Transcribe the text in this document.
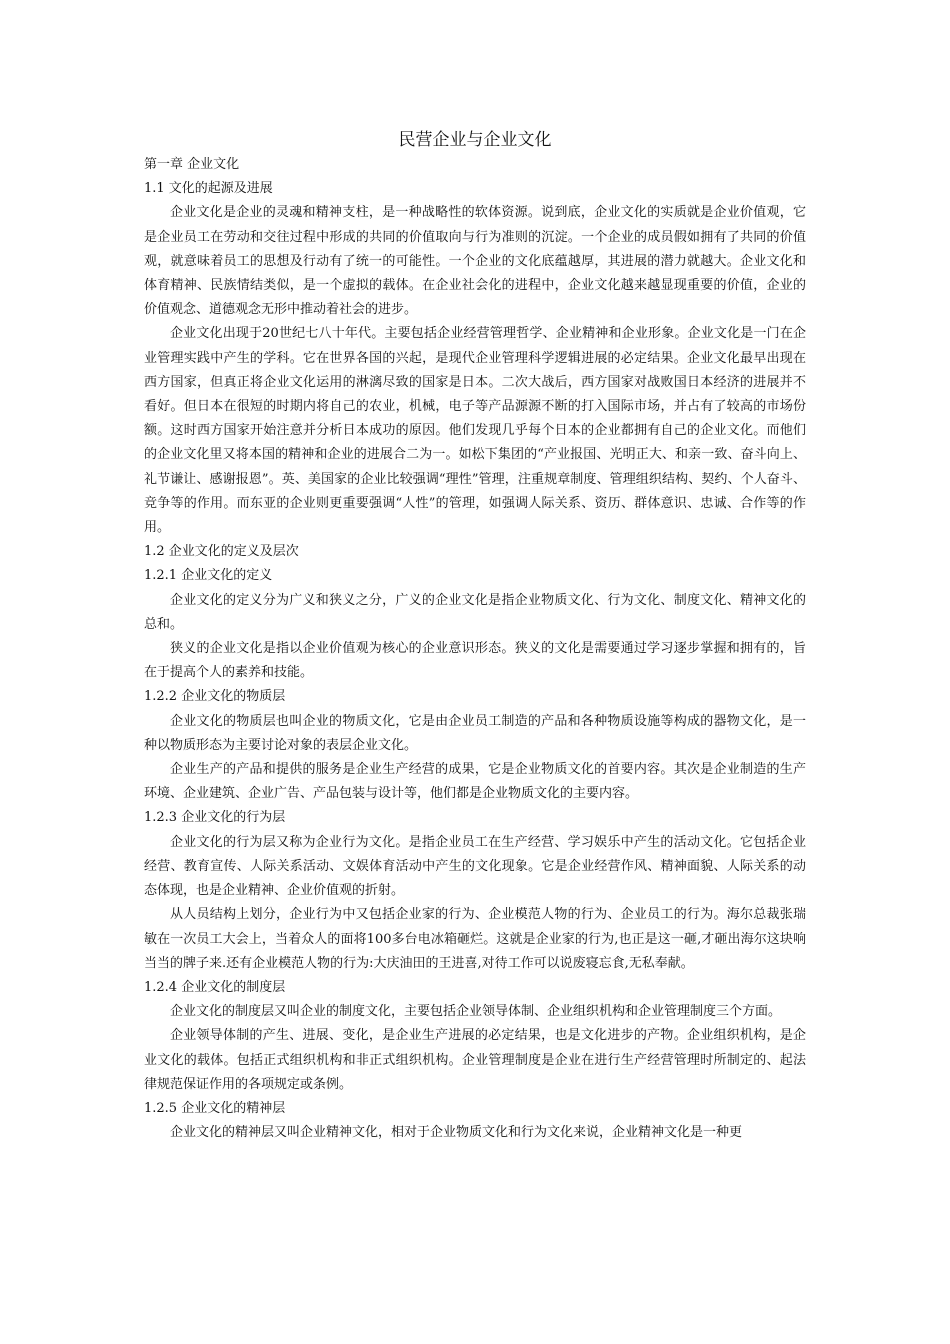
民营企业与企业文化

第一章 企业文化

1.1 文化的起源及进展

企业文化是企业的灵魂和精神支柱，是一种战略性的软体资源。说到底，企业文化的实质就是企业价值观，它是企业员工在劳动和交往过程中形成的共同的价值取向与行为准则的沉淀。一个企业的成员假如拥有了共同的价值观，就意味着员工的思想及行动有了统一的可能性。一个企业的文化底蕴越厚，其进展的潜力就越大。企业文化和体育精神、民族情结类似，是一个虚拟的载体。在企业社会化的进程中，企业文化越来越显现重要的价值，企业的价值观念、道德观念无形中推动着社会的进步。

企业文化出现于20世纪七八十年代。主要包括企业经营管理哲学、企业精神和企业形象。企业文化是一门在企业管理实践中产生的学科。它在世界各国的兴起，是现代企业管理科学逻辑进展的必定结果。企业文化最早出现在西方国家，但真正将企业文化运用的淋漓尽致的国家是日本。二次大战后，西方国家对战败国日本经济的进展并不看好。但日本在很短的时期内将自己的农业，机械，电子等产品源源不断的打入国际市场，并占有了较高的市场份额。这时西方国家开始注意并分析日本成功的原因。他们发现几乎每个日本的企业都拥有自己的企业文化。而他们的企业文化里又将本国的精神和企业的进展合二为一。如松下集团的“产业报国、光明正大、和亲一致、奋斗向上、礼节谦让、感谢报恩”。英、美国家的企业比较强调“理性”管理，注重规章制度、管理组织结构、契约、个人奋斗、竞争等的作用。而东亚的企业则更重要强调“人性”的管理，如强调人际关系、资历、群体意识、忠诚、合作等的作用。

1.2 企业文化的定义及层次

1.2.1 企业文化的定义

企业文化的定义分为广义和狭义之分，广义的企业文化是指企业物质文化、行为文化、制度文化、精神文化的总和。

狭义的企业文化是指以企业价值观为核心的企业意识形态。狭义的文化是需要通过学习逐步掌握和拥有的，旨在于提高个人的素养和技能。

1.2.2 企业文化的物质层

企业文化的物质层也叫企业的物质文化，它是由企业员工制造的产品和各种物质设施等构成的器物文化，是一种以物质形态为主要讨论对象的表层企业文化。

企业生产的产品和提供的服务是企业生产经营的成果，它是企业物质文化的首要内容。其次是企业制造的生产环境、企业建筑、企业广告、产品包装与设计等，他们都是企业物质文化的主要内容。

1.2.3 企业文化的行为层

企业文化的行为层又称为企业行为文化。是指企业员工在生产经营、学习娱乐中产生的活动文化。它包括企业经营、教育宣传、人际关系活动、文娱体育活动中产生的文化现象。它是企业经营作风、精神面貌、人际关系的动态体现，也是企业精神、企业价值观的折射。

从人员结构上划分，企业行为中又包括企业家的行为、企业模范人物的行为、企业员工的行为。海尔总裁张瑞敏在一次员工大会上，当着众人的面将100多台电冰箱砸烂。这就是企业家的行为,也正是这一砸,才砸出海尔这块响当当的牌子来.还有企业模范人物的行为:大庆油田的王进喜,对待工作可以说废寝忘食,无私奉献。

1.2.4 企业文化的制度层

企业文化的制度层又叫企业的制度文化，主要包括企业领导体制、企业组织机构和企业管理制度三个方面。

企业领导体制的产生、进展、变化，是企业生产进展的必定结果，也是文化进步的产物。企业组织机构，是企业文化的载体。包括正式组织机构和非正式组织机构。企业管理制度是企业在进行生产经营管理时所制定的、起法律规范保证作用的各项规定或条例。

1.2.5 企业文化的精神层

企业文化的精神层又叫企业精神文化，相对于企业物质文化和行为文化来说，企业精神文化是一种更
